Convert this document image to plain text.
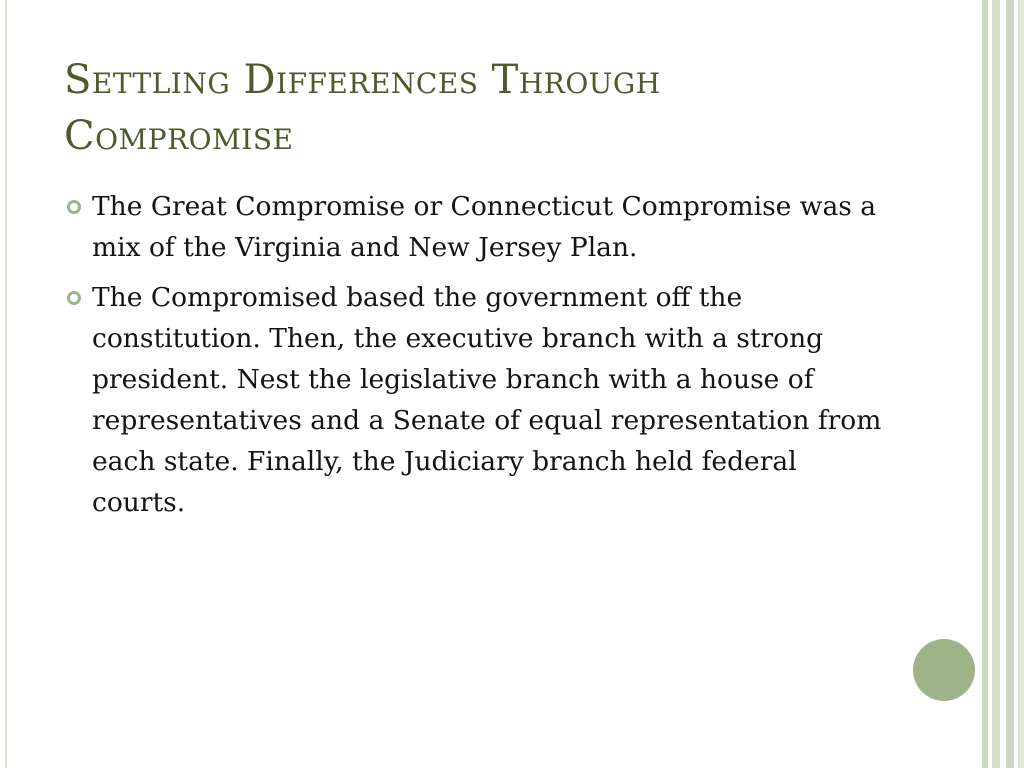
Settling Differences Through Compromise
The Great Compromise or Connecticut Compromise was a mix of the Virginia and New Jersey Plan.
The Compromised based the government off the constitution. Then, the executive branch with a strong president. Nest the legislative branch with a house of representatives and a Senate of equal representation from each state. Finally, the Judiciary branch held federal courts.
